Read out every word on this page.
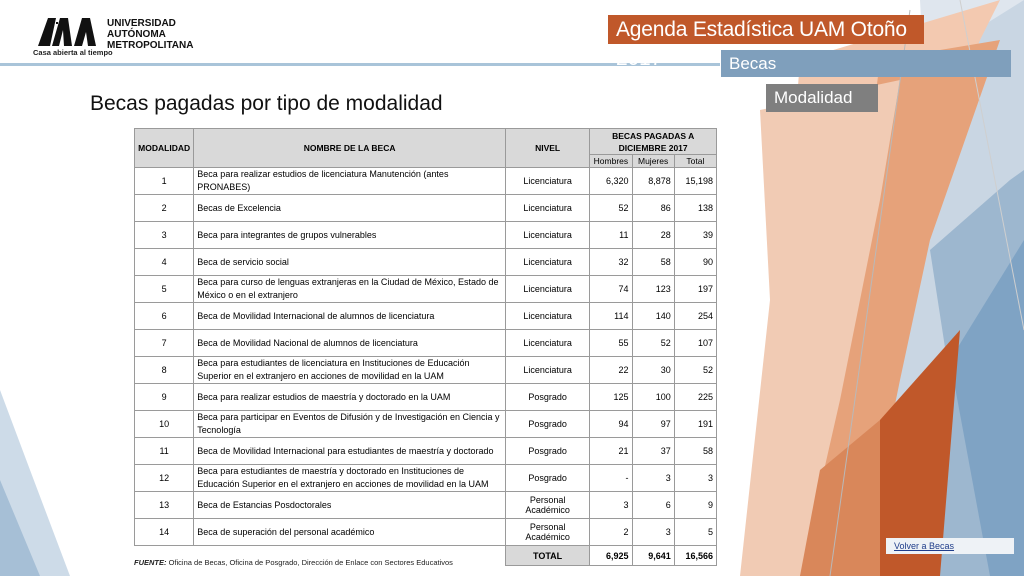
Casa abierta al tiempo
UNIVERSIDAD
AUTÓNOMA
METROPOLITANA
Agenda Estadística UAM Otoño 2017	Becas
Modalidad
Becas pagadas por tipo de modalidad
MODALIDAD	NOMBRE DE LA BECA	NIVEL	BECAS PAGADAS A
DICIEMBRE 2017		

			Hombres	Mujeres	Total
1	Beca para realizar estudios de licenciatura Manutención (antes PRONABES)	Licenciatura	6,320	8,878	15,198
2	Becas de Excelencia	Licenciatura	52	86	138
3	Beca para integrantes de grupos vulnerables	Licenciatura	11	28	39
4	Beca de servicio social	Licenciatura	32	58	90
5	Beca para curso de lenguas extranjeras en la Ciudad de México, Estado de México o en el extranjero	Licenciatura	74	123	197
6	Beca de Movilidad Internacional de alumnos de licenciatura	Licenciatura	114	140	254
7	Beca de Movilidad Nacional de alumnos de licenciatura	Licenciatura	55	52	107
8	Beca para estudiantes de licenciatura en Instituciones de Educación Superior en el extranjero en acciones de movilidad en la UAM	Licenciatura	22	30	52
9	Beca para realizar estudios de maestría y doctorado en la UAM	Posgrado	125	100	225
10	Beca para participar en Eventos de Difusión y de Investigación en Ciencia y Tecnología	Posgrado	94	97	191
11	Beca de Movilidad Internacional para estudiantes de maestría y doctorado	Posgrado	21	37	58
12	Beca para estudiantes de maestría y doctorado en Instituciones de Educación Superior en el extranjero en acciones de movilidad en la UAM	Posgrado	-	3	3
13	Beca de Estancias Posdoctorales	Personal Académico	3	6	9
14	Beca de superación del personal académico	Personal Académico	2	3	5
		TOTAL	6,925	9,641	16,566
FUENTE: Oficina de Becas, Oficina de Posgrado, Dirección de Enlace con Sectores Educativos
Volver a Becas
